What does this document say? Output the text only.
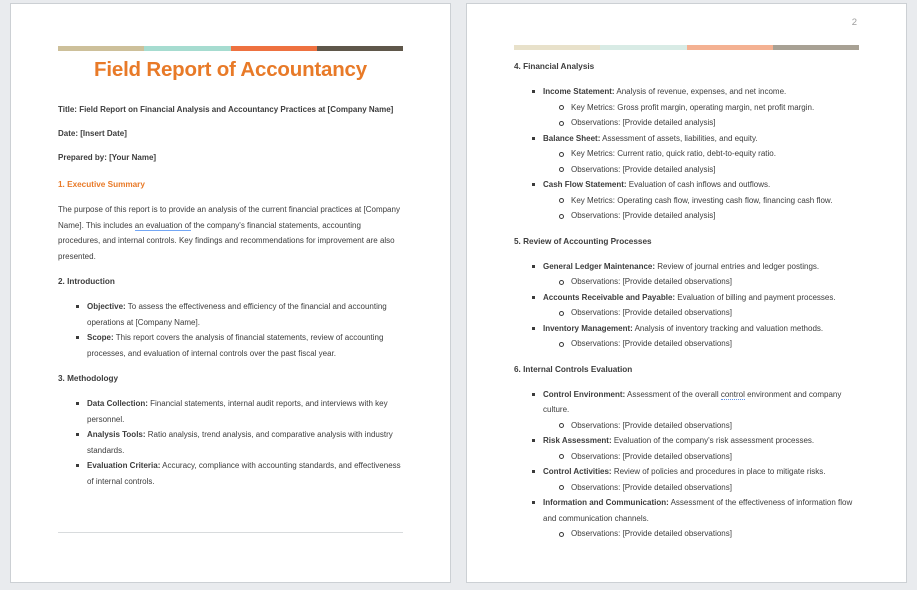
Field Report of Accountancy

Title: Field Report on Financial Analysis and Accountancy Practices at [Company Name]

Date: [Insert Date]

Prepared by: [Your Name]

1. Executive Summary

The purpose of this report is to provide an analysis of the current financial practices at [Company Name]. This includes an evaluation of the company's financial statements, accounting procedures, and internal controls. Key findings and recommendations for improvement are also presented.

2. Introduction
Objective: To assess the effectiveness and efficiency of the financial and accounting operations at [Company Name].
Scope: This report covers the analysis of financial statements, review of accounting processes, and evaluation of internal controls over the past fiscal year.
3. Methodology
Data Collection: Financial statements, internal audit reports, and interviews with key personnel.
Analysis Tools: Ratio analysis, trend analysis, and comparative analysis with industry standards.
Evaluation Criteria: Accuracy, compliance with accounting standards, and effectiveness of internal controls.
2
4. Financial Analysis
Income Statement: Analysis of revenue, expenses, and net income.
Key Metrics: Gross profit margin, operating margin, net profit margin.
Observations: [Provide detailed analysis]
Balance Sheet: Assessment of assets, liabilities, and equity.
Key Metrics: Current ratio, quick ratio, debt-to-equity ratio.
Observations: [Provide detailed analysis]
Cash Flow Statement: Evaluation of cash inflows and outflows.
Key Metrics: Operating cash flow, investing cash flow, financing cash flow.
Observations: [Provide detailed analysis]
5. Review of Accounting Processes
General Ledger Maintenance: Review of journal entries and ledger postings.
Observations: [Provide detailed observations]
Accounts Receivable and Payable: Evaluation of billing and payment processes.
Observations: [Provide detailed observations]
Inventory Management: Analysis of inventory tracking and valuation methods.
Observations: [Provide detailed observations]
6. Internal Controls Evaluation
Control Environment: Assessment of the overall control environment and company culture.
Observations: [Provide detailed observations]
Risk Assessment: Evaluation of the company's risk assessment processes.
Observations: [Provide detailed observations]
Control Activities: Review of policies and procedures in place to mitigate risks.
Observations: [Provide detailed observations]
Information and Communication: Assessment of the effectiveness of information flow and communication channels.
Observations: [Provide detailed observations]
